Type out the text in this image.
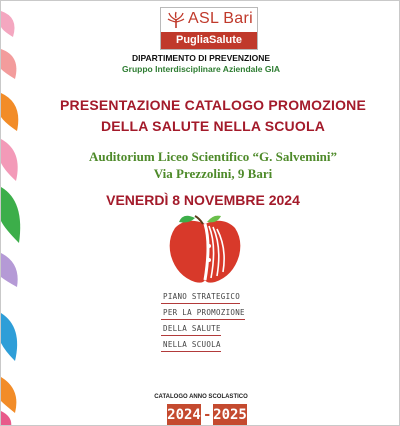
ASL Bari
PugliaSalute
DIPARTIMENTO DI PREVENZIONE
Gruppo Interdisciplinare Aziendale GIA
PRESENTAZIONE CATALOGO PROMOZIONE
DELLA SALUTE NELLA SCUOLA
Auditorium Liceo Scientifico “G. Salvemini”
Via Prezzolini, 9 Bari
VENERDÌ 8 NOVEMBRE 2024
PIANO STRATEGICO
PER LA PROMOZIONE
DELLA SALUTE
NELLA SCUOLA
CATALOGO ANNO SCOLASTICO
2024 - 2025
